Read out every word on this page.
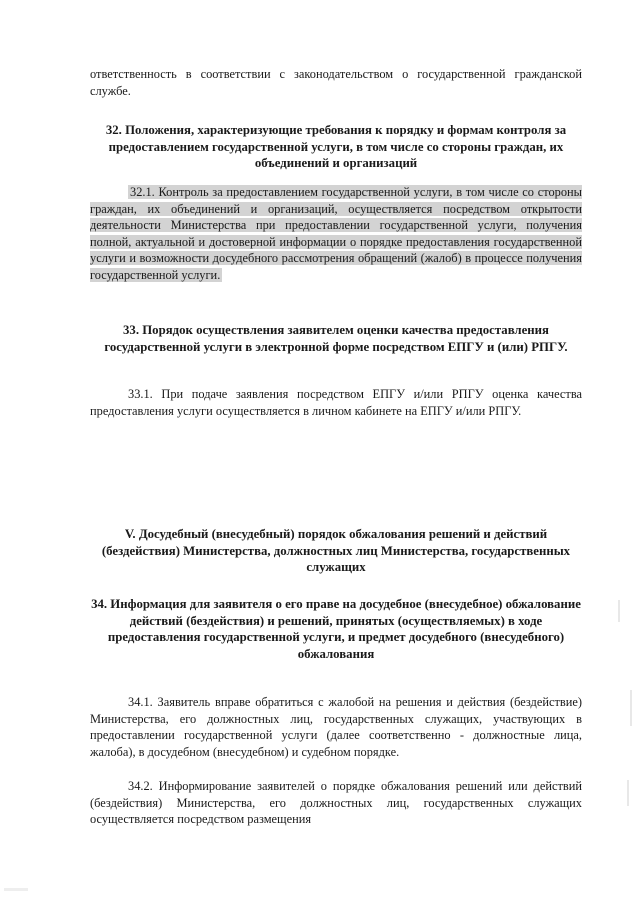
ответственность в соответствии с законодательством о государственной гражданской службе.

32. Положения, характеризующие требования к порядку и формам контроля за предоставлением государственной услуги, в том числе со стороны граждан, их объединений и организаций

32.1. Контроль за предоставлением государственной услуги, в том числе со стороны граждан, их объединений и организаций, осуществляется посредством открытости деятельности Министерства при предоставлении государственной услуги, получения полной, актуальной и достоверной информации о порядке предоставления государственной услуги и возможности досудебного рассмотрения обращений (жалоб) в процессе получения государственной услуги.

33. Порядок осуществления заявителем оценки качества предоставления государственной услуги в электронной форме посредством ЕПГУ и (или) РПГУ.

33.1. При подаче заявления посредством ЕПГУ и/или РПГУ оценка качества предоставления услуги осуществляется в личном кабинете на ЕПГУ и/или РПГУ.

V. Досудебный (внесудебный) порядок обжалования решений и действий (бездействия) Министерства, должностных лиц Министерства, государственных служащих
34. Информация для заявителя о его праве на досудебное (внесудебное) обжалование действий (бездействия) и решений, принятых (осуществляемых) в ходе предоставления государственной услуги, и предмет досудебного (внесудебного) обжалования

34.1. Заявитель вправе обратиться с жалобой на решения и действия (бездействие) Министерства, его должностных лиц, государственных служащих, участвующих в предоставлении государственной услуги (далее соответственно - должностные лица, жалоба), в досудебном (внесудебном) и судебном порядке.

34.2. Информирование заявителей о порядке обжалования решений или действий (бездействия) Министерства, его должностных лиц, государственных служащих осуществляется посредством размещения
